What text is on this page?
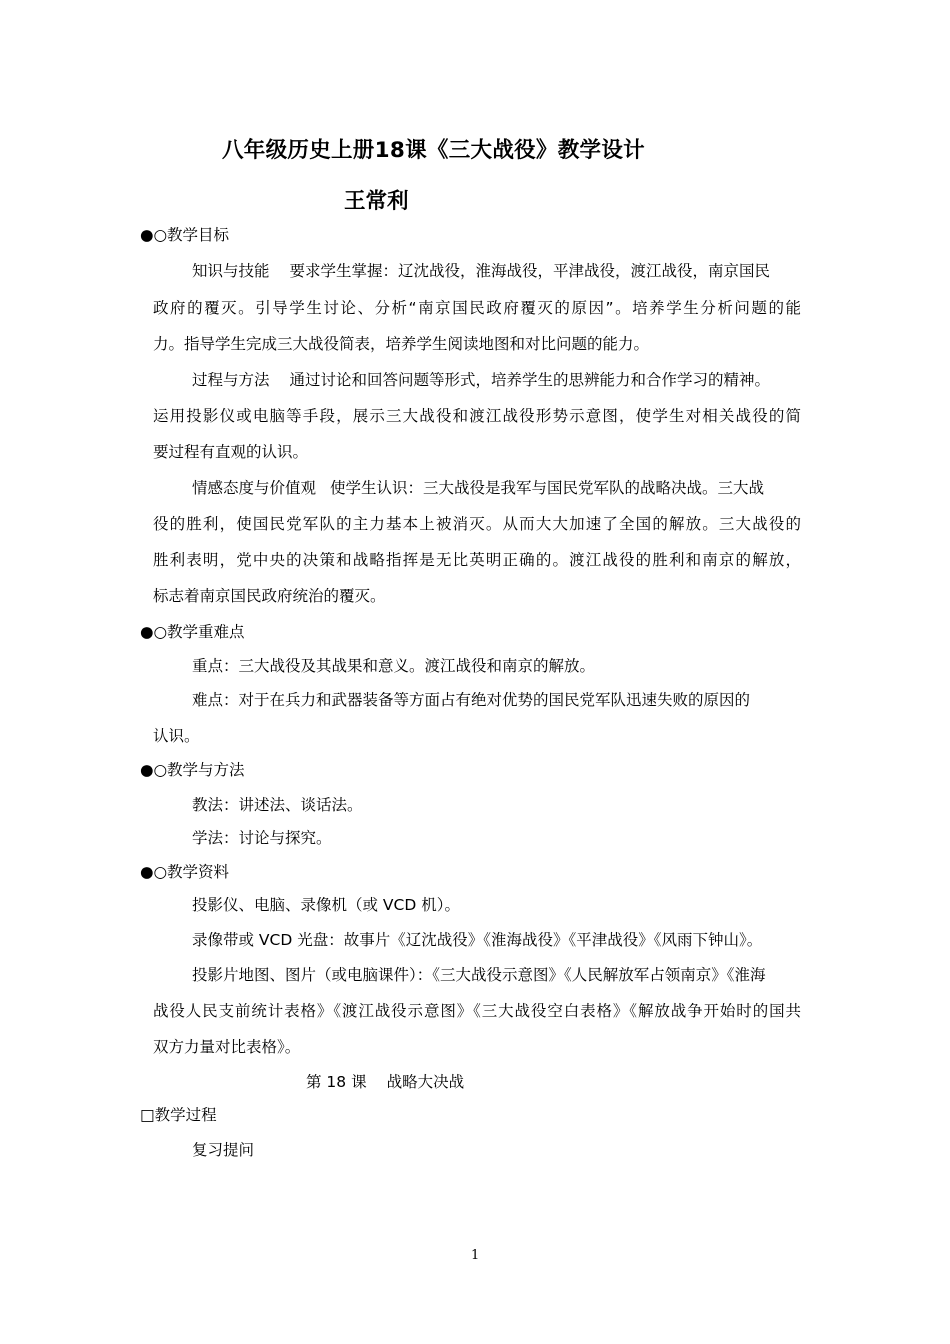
八年级历史上册18课《三大战役》教学设计
王常利
●○教学目标
知识与技能 要求学生掌握：辽沈战役，淮海战役，平津战役，渡江战役，南京国民
政府的覆灭。引导学生讨论、分析“南京国民政府覆灭的原因”。培养学生分析问题的能
力。指导学生完成三大战役简表，培养学生阅读地图和对比问题的能力。
过程与方法 通过讨论和回答问题等形式，培养学生的思辨能力和合作学习的精神。
运用投影仪或电脑等手段，展示三大战役和渡江战役形势示意图，使学生对相关战役的简
要过程有直观的认识。
情感态度与价值观 使学生认识：三大战役是我军与国民党军队的战略决战。三大战
役的胜利，使国民党军队的主力基本上被消灭。从而大大加速了全国的解放。三大战役的
胜利表明，党中央的决策和战略指挥是无比英明正确的。渡江战役的胜利和南京的解放，
标志着南京国民政府统治的覆灭。
●○教学重难点
重点：三大战役及其战果和意义。渡江战役和南京的解放。
难点：对于在兵力和武器装备等方面占有绝对优势的国民党军队迅速失败的原因的
认识。
●○教学与方法
教法：讲述法、谈话法。
学法：讨论与探究。
●○教学资料
投影仪、电脑、录像机（或 VCD 机）。
录像带或 VCD 光盘：故事片《辽沈战役》《淮海战役》《平津战役》《风雨下钟山》。
投影片地图、图片（或电脑课件）：《三大战役示意图》《人民解放军占领南京》《淮海
战役人民支前统计表格》《渡江战役示意图》《三大战役空白表格》《解放战争开始时的国共
双方力量对比表格》。
第 18 课 战略大决战
□教学过程
复习提问
1
